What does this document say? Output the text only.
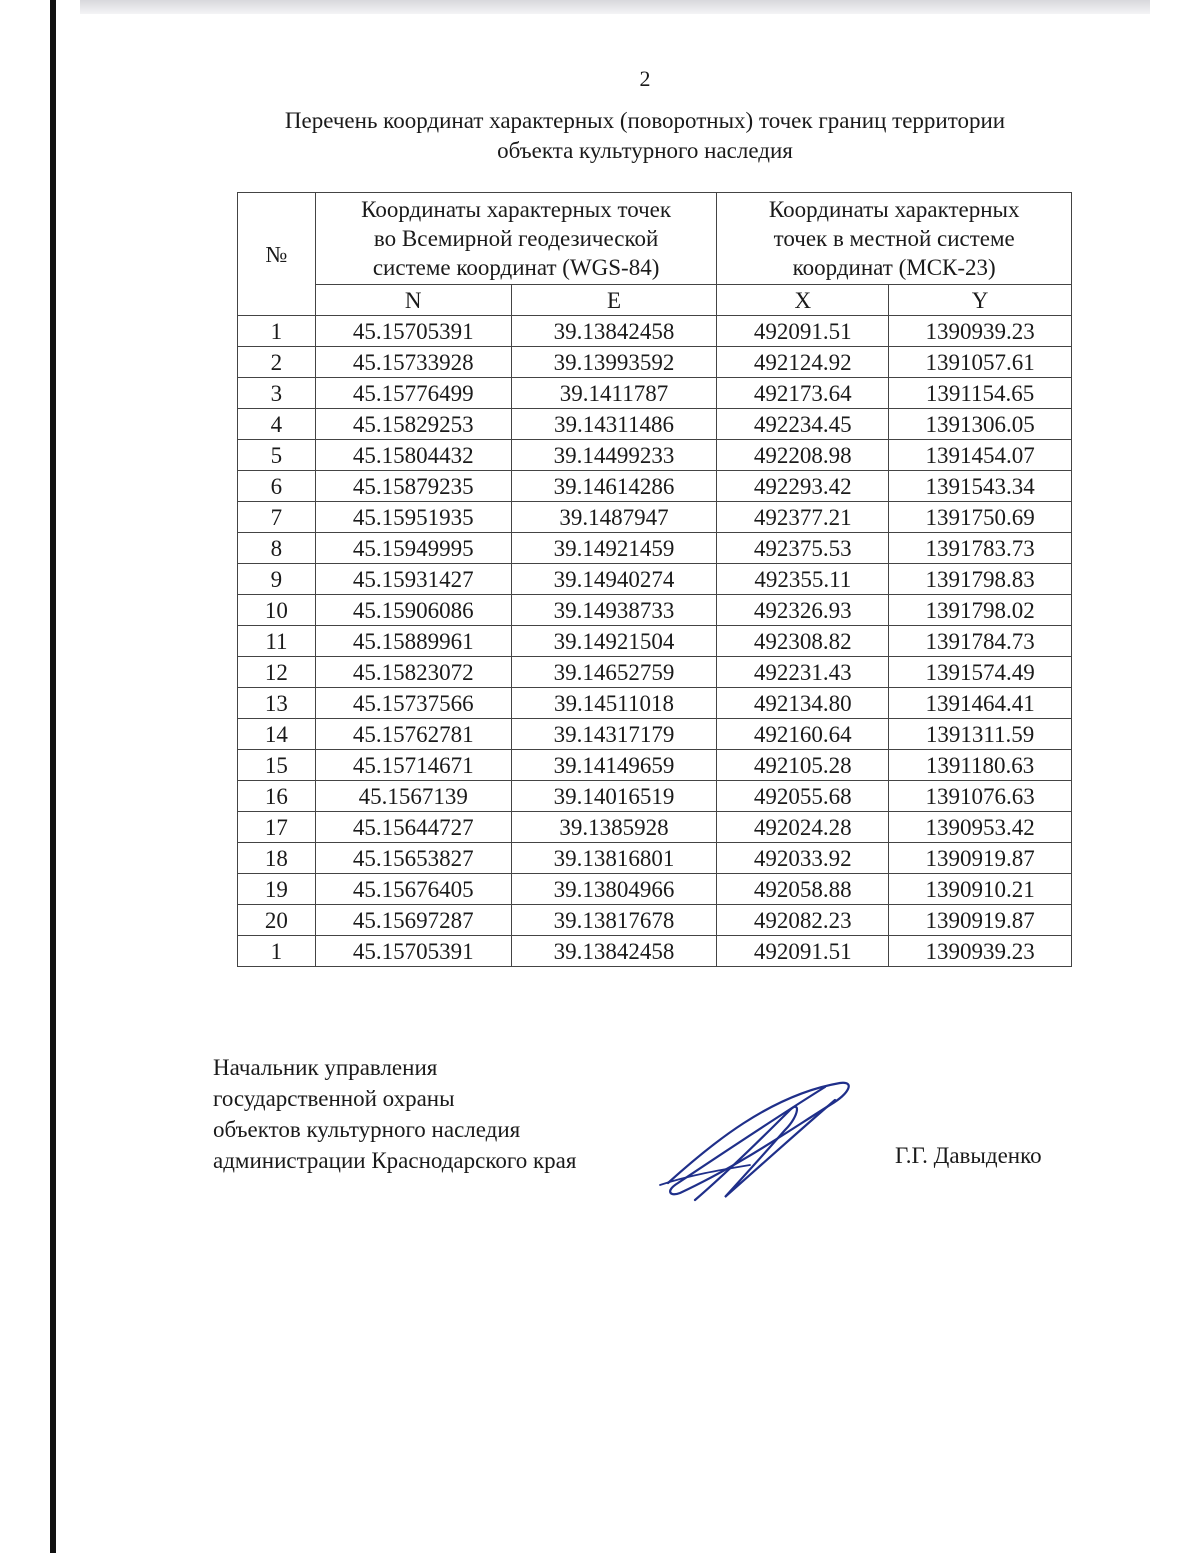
2
Перечень координат характерных (поворотных) точек границ территории
объекта культурного наследия
№	Координаты характерных точек
во Всемирной геодезической
системе координат (WGS-84)		Координаты характерных
точек в местной системе
координат (МСК-23)	

	N	E	X	Y
1	45.15705391	39.13842458	492091.51	1390939.23
2	45.15733928	39.13993592	492124.92	1391057.61
3	45.15776499	39.1411787	492173.64	1391154.65
4	45.15829253	39.14311486	492234.45	1391306.05
5	45.15804432	39.14499233	492208.98	1391454.07
6	45.15879235	39.14614286	492293.42	1391543.34
7	45.15951935	39.1487947	492377.21	1391750.69
8	45.15949995	39.14921459	492375.53	1391783.73
9	45.15931427	39.14940274	492355.11	1391798.83
10	45.15906086	39.14938733	492326.93	1391798.02
11	45.15889961	39.14921504	492308.82	1391784.73
12	45.15823072	39.14652759	492231.43	1391574.49
13	45.15737566	39.14511018	492134.80	1391464.41
14	45.15762781	39.14317179	492160.64	1391311.59
15	45.15714671	39.14149659	492105.28	1391180.63
16	45.1567139	39.14016519	492055.68	1391076.63
17	45.15644727	39.1385928	492024.28	1390953.42
18	45.15653827	39.13816801	492033.92	1390919.87
19	45.15676405	39.13804966	492058.88	1390910.21
20	45.15697287	39.13817678	492082.23	1390919.87
1	45.15705391	39.13842458	492091.51	1390939.23
Начальник управления
государственной охраны
объектов культурного наследия
администрации Краснодарского края	Г.Г. Давыденко
